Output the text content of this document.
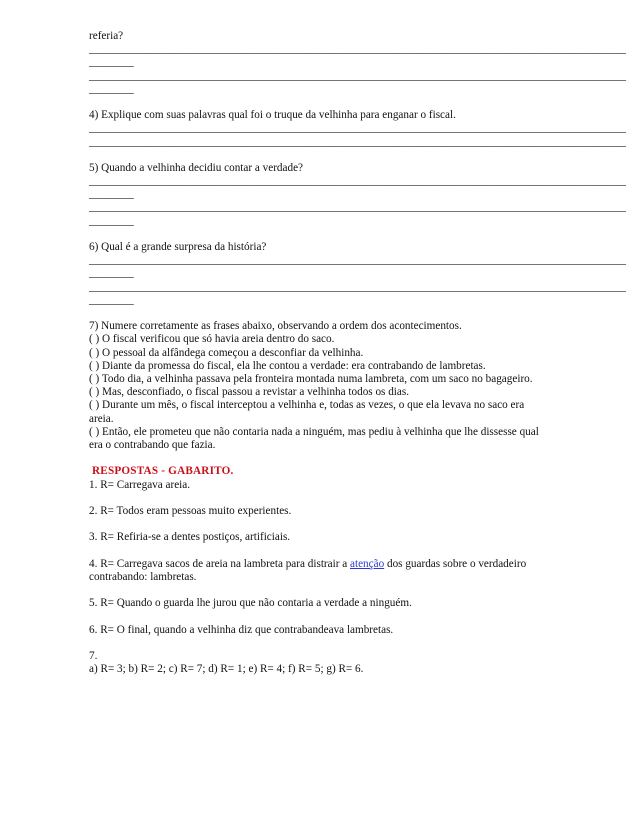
referia?
________________________________________________________________________________________________
________
________________________________________________________________________________________________
________
4) Explique com suas palavras qual foi o truque da velhinha para enganar o fiscal.
________________________________________________________________________________________________
________________________________________________________________________________________________
5) Quando a velhinha decidiu contar a verdade?
________________________________________________________________________________________________
________
________________________________________________________________________________________________
________
6) Qual é a grande surpresa da história?
________________________________________________________________________________________________
________
________________________________________________________________________________________________
________
7) Numere corretamente as frases abaixo, observando a ordem dos acontecimentos.
( ) O fiscal verificou que só havia areia dentro do saco.
( ) O pessoal da alfândega começou a desconfiar da velhinha.
( ) Diante da promessa do fiscal, ela lhe contou a verdade: era contrabando de lambretas.
( ) Todo dia, a velhinha passava pela fronteira montada numa lambreta, com um saco no bagageiro.
( ) Mas, desconfiado, o fiscal passou a revistar a velhinha todos os dias.
( ) Durante um mês, o fiscal interceptou a velhinha e, todas as vezes, o que ela levava no saco era areia.
( ) Então, ele prometeu que não contaria nada a ninguém, mas pediu à velhinha que lhe dissesse qual era o contrabando que fazia.
RESPOSTAS - GABARITO.
1. R= Carregava areia.
2. R= Todos eram pessoas muito experientes.
3. R= Refiria-se a dentes postiços, artificiais.
4. R= Carregava sacos de areia na lambreta para distrair a atenção dos guardas sobre o verdadeiro contrabando: lambretas.
5. R= Quando o guarda lhe jurou que não contaria a verdade a ninguém.
6. R= O final, quando a velhinha diz que contrabandeava lambretas.
7.
a) R= 3; b) R= 2; c) R= 7; d) R= 1; e) R= 4; f) R= 5; g) R= 6.
